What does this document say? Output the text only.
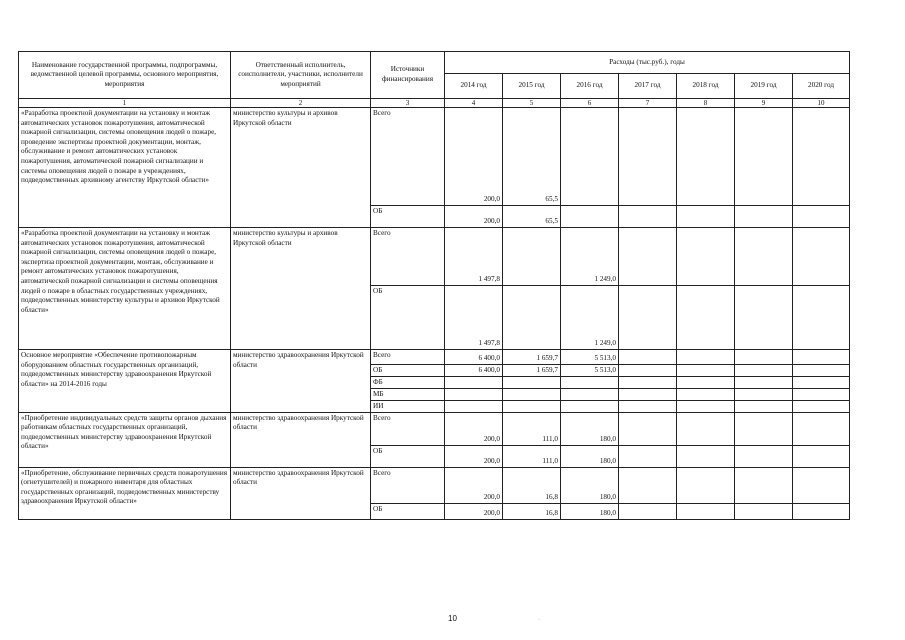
Наименование государственной программы, подпрограммы, ведомственной целевой программы, основного мероприятия, мероприятия	Ответственный исполнитель, соисполнители, участники, исполнители мероприятий	Источники финансирования	Расходы (тыс.руб.), годы						
			2014 год	2015 год	2016 год	2017 год	2018 год	2019 год	2020 год
1	2	3	4	5	6	7	8	9	10
«Разработка проектной документации на установку и монтаж автоматических установок пожаротушения, автоматической пожарной сигнализации, системы оповещения людей о пожаре, проведение экспертизы проектной документации, монтаж, обслуживание и ремонт автоматических установок пожаротушения, автоматической пожарной сигнализации и системы оповещения людей о пожаре в учреждениях, подведомственных архивному агентству Иркутской области»	министерство культуры и архивов Иркутской области	Всего	200,0	65,5					
		ОБ	200,0	65,5					
«Разработка проектной документации на установку и монтаж автоматических установок пожаротушения, автоматической пожарной сигнализации, системы оповещения людей о пожаре, экспертиза проектной документации, монтаж, обслуживание и ремонт автоматических установок пожаротушения, автоматической пожарной сигнализации и системы оповещения людей о пожаре в областных государственных учреждениях, подведомственных министерству культуры и архивов Иркутской области»	министерство культуры и архивов Иркутской области	Всего	1 497,8		1 249,0				
		ОБ	1 497,8		1 249,0				
Основное мероприятие «Обеспечение противопожарным оборудованием областных государственных организаций, подведомственных министерству здравоохранения Иркутской области» на 2014-2016 годы	министерство здравоохранения Иркутской области	Всего	6 400,0	1 659,7	5 513,0				
		ОБ	6 400,0	1 659,7	5 513,0				
		ФБ							
		МБ							
		ИИ							
«Приобретение индивидуальных средств защиты органов дыхания работникам областных государственных организаций, подведомственных министерству здравоохранения Иркутской области»	министерство здравоохранения Иркутской области	Всего	200,0	111,0	180,0				
		ОБ	200,0	111,0	180,0				
«Приобретение, обслуживание первичных средств пожаротушения (огнетушителей) и пожарного инвентаря для областных государственных организаций, подведомственных министерству здравоохранения Иркутской области»	министерство здравоохранения Иркутской области	Всего	200,0	16,8	180,0				
		ОБ	200,0	16,8	180,0				
10	·
